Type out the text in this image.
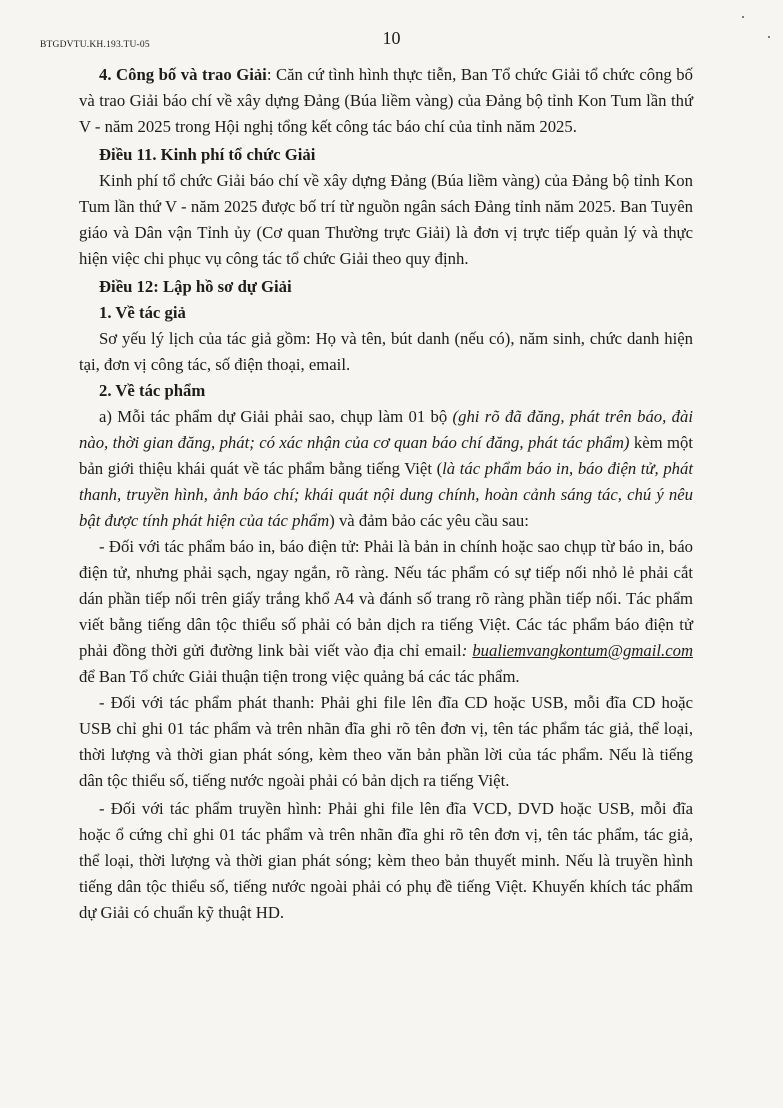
BTGDVTU.KH.193.TU-05	10

4. Công bố và trao Giải: Căn cứ tình hình thực tiễn, Ban Tổ chức Giải tổ chức công bố và trao Giải báo chí về xây dựng Đảng (Búa liềm vàng) của Đảng bộ tỉnh Kon Tum lần thứ V - năm 2025 trong Hội nghị tổng kết công tác báo chí của tỉnh năm 2025.

Điều 11. Kinh phí tổ chức Giải

Kinh phí tổ chức Giải báo chí về xây dựng Đảng (Búa liềm vàng) của Đảng bộ tỉnh Kon Tum lần thứ V - năm 2025 được bố trí từ nguồn ngân sách Đảng tỉnh năm 2025. Ban Tuyên giáo và Dân vận Tỉnh ủy (Cơ quan Thường trực Giải) là đơn vị trực tiếp quản lý và thực hiện việc chi phục vụ công tác tổ chức Giải theo quy định.

Điều 12: Lập hồ sơ dự Giải

1. Về tác giả

Sơ yếu lý lịch của tác giả gồm: Họ và tên, bút danh (nếu có), năm sinh, chức danh hiện tại, đơn vị công tác, số điện thoại, email.

2. Về tác phẩm

a) Mỗi tác phẩm dự Giải phải sao, chụp làm 01 bộ (ghi rõ đã đăng, phát trên báo, đài nào, thời gian đăng, phát; có xác nhận của cơ quan báo chí đăng, phát tác phẩm) kèm một bản giới thiệu khái quát về tác phẩm bằng tiếng Việt (là tác phẩm báo in, báo điện tử, phát thanh, truyền hình, ảnh báo chí; khái quát nội dung chính, hoàn cảnh sáng tác, chú ý nêu bật được tính phát hiện của tác phẩm) và đảm bảo các yêu cầu sau:

- Đối với tác phẩm báo in, báo điện tử: Phải là bản in chính hoặc sao chụp từ báo in, báo điện tử, nhưng phải sạch, ngay ngắn, rõ ràng. Nếu tác phẩm có sự tiếp nối nhỏ lẻ phải cắt dán phần tiếp nối trên giấy trắng khổ A4 và đánh số trang rõ ràng phần tiếp nối. Tác phẩm viết bằng tiếng dân tộc thiểu số phải có bản dịch ra tiếng Việt. Các tác phẩm báo điện tử phải đồng thời gửi đường link bài viết vào địa chỉ email: bualiemvangkontum@gmail.com để Ban Tổ chức Giải thuận tiện trong việc quảng bá các tác phẩm.

- Đối với tác phẩm phát thanh: Phải ghi file lên đĩa CD hoặc USB, mỗi đĩa CD hoặc USB chỉ ghi 01 tác phẩm và trên nhãn đĩa ghi rõ tên đơn vị, tên tác phẩm tác giả, thể loại, thời lượng và thời gian phát sóng, kèm theo văn bản phần lời của tác phẩm. Nếu là tiếng dân tộc thiểu số, tiếng nước ngoài phải có bản dịch ra tiếng Việt.

- Đối với tác phẩm truyền hình: Phải ghi file lên đĩa VCD, DVD hoặc USB, mỗi đĩa hoặc ổ cứng chỉ ghi 01 tác phẩm và trên nhãn đĩa ghi rõ tên đơn vị, tên tác phẩm, tác giả, thể loại, thời lượng và thời gian phát sóng; kèm theo bản thuyết minh. Nếu là truyền hình tiếng dân tộc thiểu số, tiếng nước ngoài phải có phụ đề tiếng Việt. Khuyến khích tác phẩm dự Giải có chuẩn kỹ thuật HD.
